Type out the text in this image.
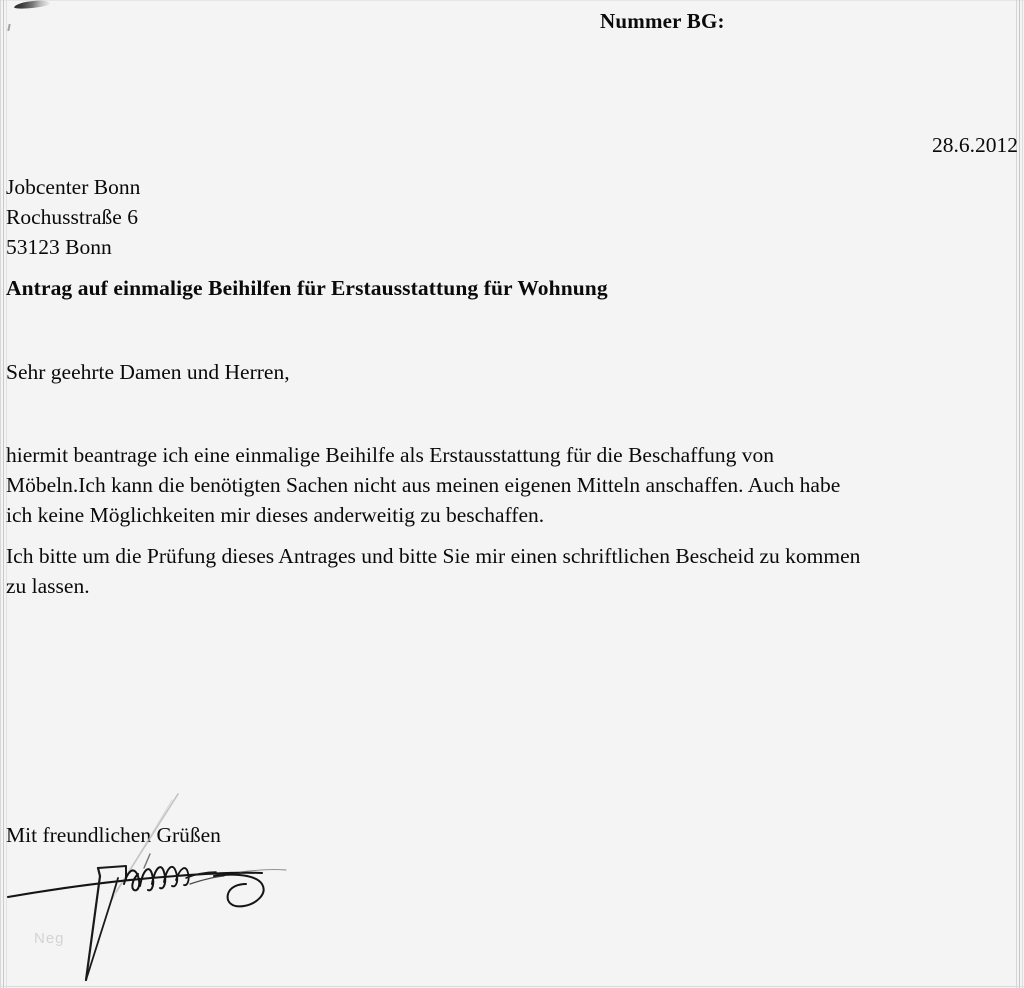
Nummer BG:
28.6.2012
Jobcenter Bonn
Rochusstraße 6
53123 Bonn
Antrag auf einmalige Beihilfen für Erstausstattung für Wohnung
Sehr geehrte Damen und Herren,
hiermit beantrage ich eine einmalige Beihilfe als Erstausstattung für die Beschaffung von
Möbeln.Ich kann die benötigten Sachen nicht aus meinen eigenen Mitteln anschaffen. Auch habe
ich keine Möglichkeiten mir dieses anderweitig zu beschaffen.
Ich bitte um die Prüfung dieses Antrages und bitte Sie mir einen schriftlichen Bescheid zu kommen
zu lassen.
Mit freundlichen Grüßen
Neg
